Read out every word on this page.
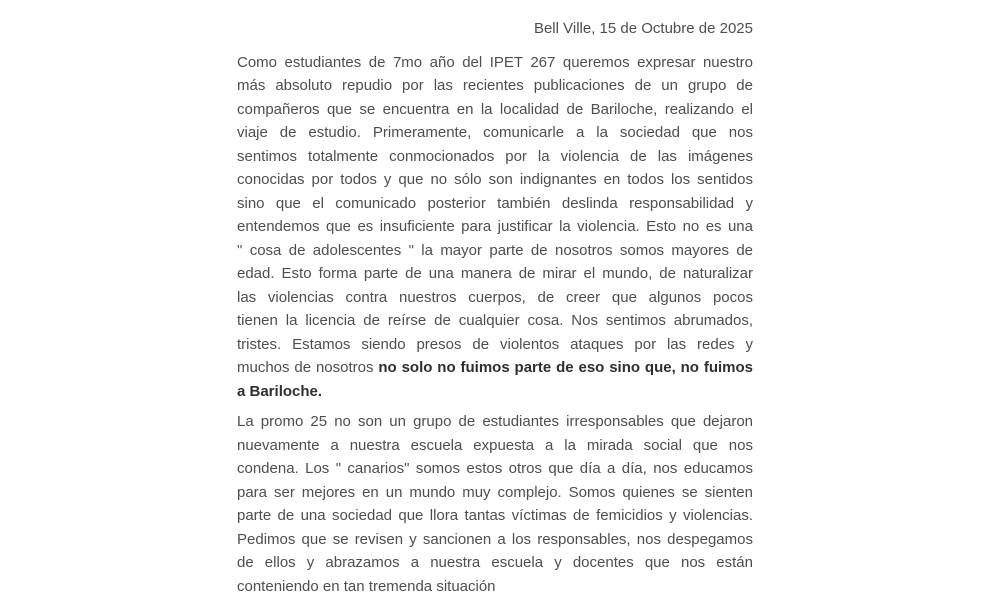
Bell Ville, 15 de Octubre de 2025
Como estudiantes de 7mo año del IPET 267 queremos expresar nuestro
más absoluto repudio por las recientes publicaciones de un grupo de
compañeros que se encuentra en la localidad de Bariloche, realizando el
viaje de estudio. Primeramente, comunicarle a la sociedad que nos
sentimos totalmente conmocionados por la violencia de las imágenes
conocidas por todos y que no sólo son indignantes en todos los sentidos
sino que el comunicado posterior también deslinda responsabilidad y
entendemos que es insuficiente para justificar la violencia. Esto no es una
" cosa de adolescentes " la mayor parte de nosotros somos mayores de
edad. Esto forma parte de una manera de mirar el mundo, de naturalizar
las violencias contra nuestros cuerpos, de creer que algunos pocos
tienen la licencia de reírse de cualquier cosa. Nos sentimos abrumados,
tristes. Estamos siendo presos de violentos ataques por las redes y
muchos de nosotros no solo no fuimos parte de eso sino que, no fuimos
a Bariloche.
La promo 25 no son un grupo de estudiantes irresponsables que dejaron
nuevamente a nuestra escuela expuesta a la mirada social que nos
condena. Los " canarios" somos estos otros que día a día, nos educamos
para ser mejores en un mundo muy complejo. Somos quienes se sienten
parte de una sociedad que llora tantas víctimas de femicidios y violencias.
Pedimos que se revisen y sancionen a los responsables, nos despegamos
de ellos y abrazamos a nuestra escuela y docentes que nos están
conteniendo en tan tremenda situación
